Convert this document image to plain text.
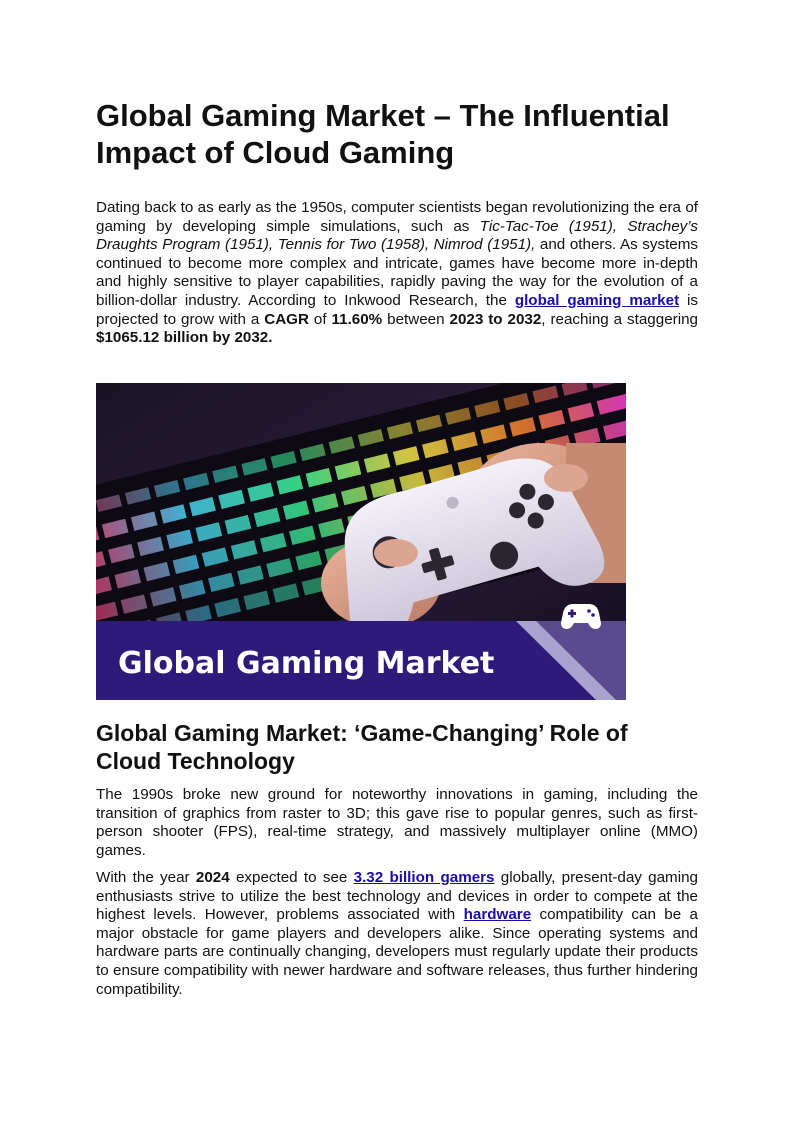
Global Gaming Market – The Influential Impact of Cloud Gaming

Dating back to as early as the 1950s, computer scientists began revolutionizing the era of gaming by developing simple simulations, such as Tic-Tac-Toe (1951), Strachey’s Draughts Program (1951), Tennis for Two (1958), Nimrod (1951), and others. As systems continued to become more complex and intricate, games have become more in-depth and highly sensitive to player capabilities, rapidly paving the way for the evolution of a billion-dollar industry. According to Inkwood Research, the global gaming market is projected to grow with a CAGR of 11.60% between 2023 to 2032, reaching a staggering $1065.12 billion by 2032.

Global Gaming Market
Global Gaming Market: ‘Game-Changing’ Role of Cloud Technology

The 1990s broke new ground for noteworthy innovations in gaming, including the transition of graphics from raster to 3D; this gave rise to popular genres, such as first-person shooter (FPS), real-time strategy, and massively multiplayer online (MMO) games.

With the year 2024 expected to see 3.32 billion gamers globally, present-day gaming enthusiasts strive to utilize the best technology and devices in order to compete at the highest levels. However, problems associated with hardware compatibility can be a major obstacle for game players and developers alike. Since operating systems and hardware parts are continually changing, developers must regularly update their products to ensure compatibility with newer hardware and software releases, thus further hindering compatibility.
